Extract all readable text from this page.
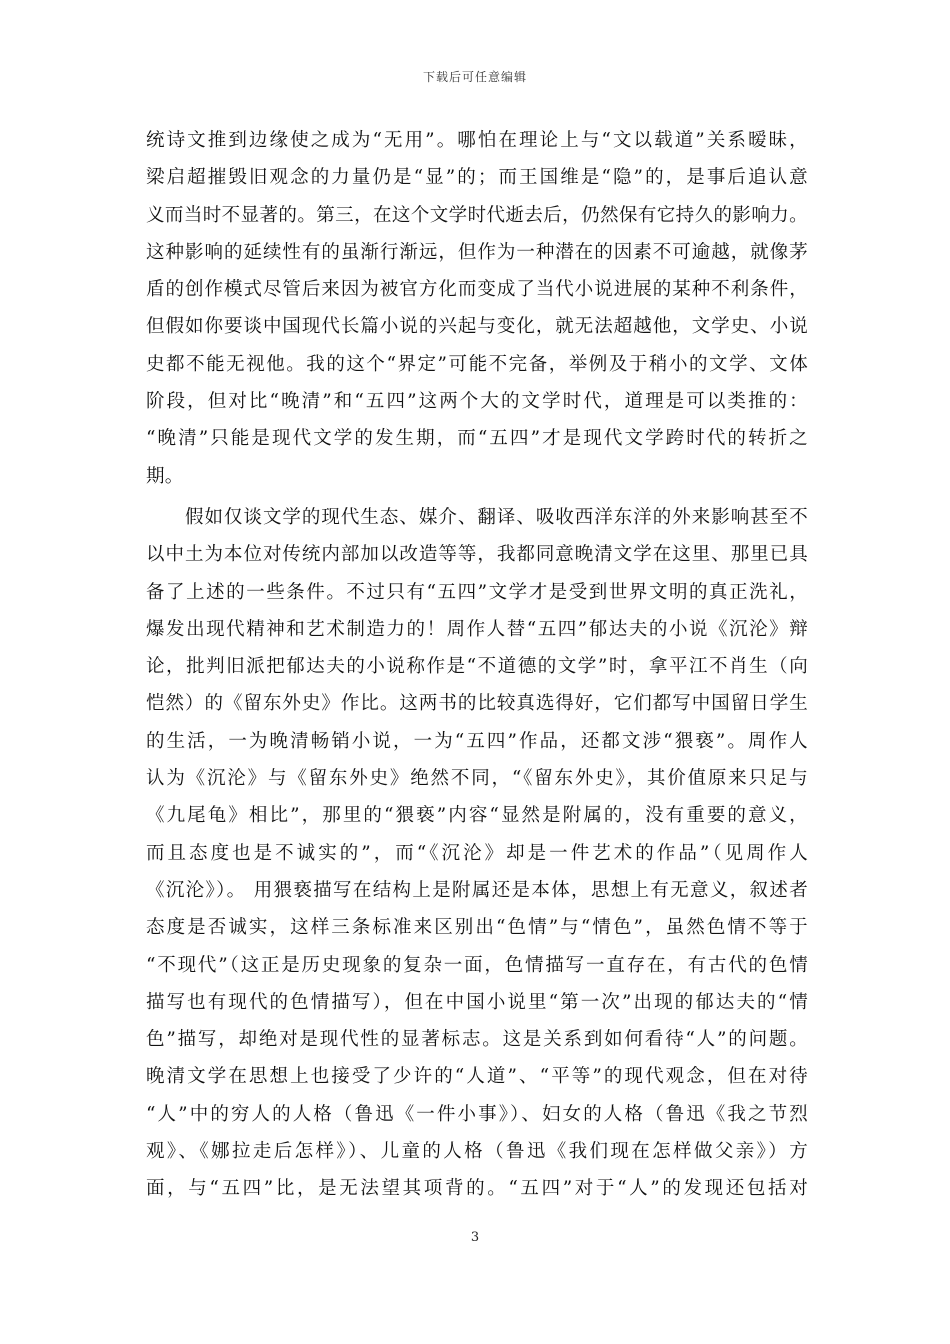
下载后可任意编辑
统诗文推到边缘使之成为“无用”。哪怕在理论上与“文以载道”关系暧昧，
梁启超摧毁旧观念的力量仍是“显”的；而王国维是“隐”的，是事后追认意
义而当时不显著的。第三，在这个文学时代逝去后，仍然保有它持久的影响力。
这种影响的延续性有的虽渐行渐远，但作为一种潜在的因素不可逾越，就像茅
盾的创作模式尽管后来因为被官方化而变成了当代小说进展的某种不利条件，
但假如你要谈中国现代长篇小说的兴起与变化，就无法超越他，文学史、小说
史都不能无视他。我的这个“界定”可能不完备，举例及于稍小的文学、文体
阶段，但对比“晚清”和“五四”这两个大的文学时代，道理是可以类推的：
“晚清”只能是现代文学的发生期，而“五四”才是现代文学跨时代的转折之
期。
　　假如仅谈文学的现代生态、媒介、翻译、吸收西洋东洋的外来影响甚至不
以中土为本位对传统内部加以改造等等，我都同意晚清文学在这里、那里已具
备了上述的一些条件。不过只有“五四”文学才是受到世界文明的真正洗礼，
爆发出现代精神和艺术制造力的！周作人替“五四”郁达夫的小说《沉沦》辩
论，批判旧派把郁达夫的小说称作是“不道德的文学”时，拿平江不肖生（向
恺然）的《留东外史》作比。这两书的比较真选得好，它们都写中国留日学生
的生活，一为晚清畅销小说，一为“五四”作品，还都文涉“猥亵”。周作人
认为《沉沦》与《留东外史》绝然不同，“《留东外史》，其价值原来只足与
《九尾龟》相比”，那里的“猥亵”内容“显然是附属的，没有重要的意义，
而且态度也是不诚实的”，而“《沉沦》却是一件艺术的作品”（见周作人
《沉沦》）。 用猥亵描写在结构上是附属还是本体，思想上有无意义，叙述者
态度是否诚实，这样三条标准来区别出“色情”与“情色”，虽然色情不等于
“不现代”（这正是历史现象的复杂一面，色情描写一直存在，有古代的色情
描写也有现代的色情描写），但在中国小说里“第一次”出现的郁达夫的“情
色”描写，却绝对是现代性的显著标志。这是关系到如何看待“人”的问题。
晚清文学在思想上也接受了少许的“人道”、“平等”的现代观念，但在对待
“人”中的穷人的人格（鲁迅《一件小事》）、妇女的人格（鲁迅《我之节烈
观》、《娜拉走后怎样》）、儿童的人格（鲁迅《我们现在怎样做父亲》）方
面，与“五四”比，是无法望其项背的。“五四”对于“人”的发现还包括对
3
